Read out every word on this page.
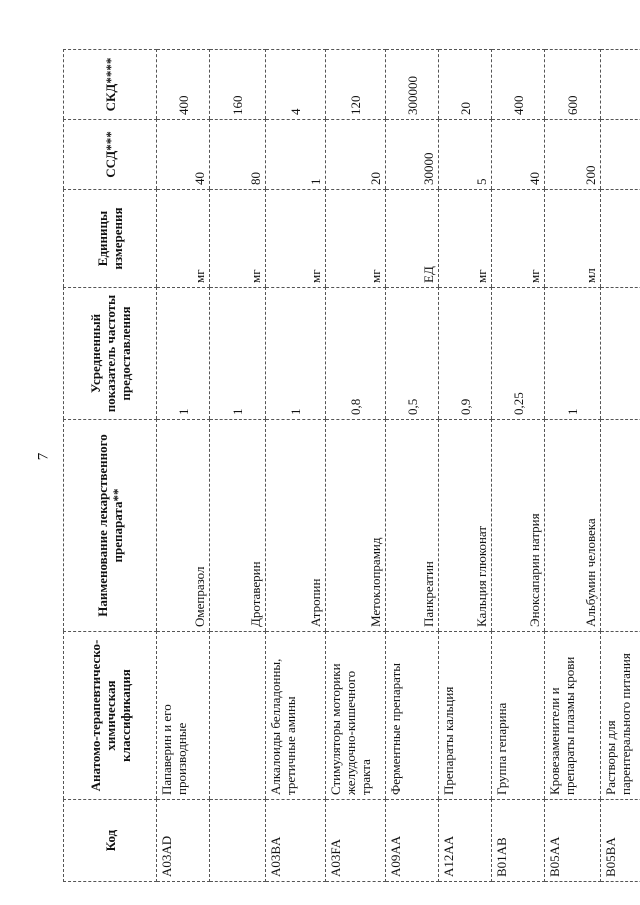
7
Код	Анатомо-терапевтическо-химическая классификация	Наименование лекарственного препарата**	Усредненный показатель частоты предоставления	Единицы измерения	ССД***	СКД****
A03AD	Папаверин и его производные	Омепразол	1	мг	40	400
		Дротаверин	1	мг	80	160
A03BA	Алкалоиды белладонны, третичные амины	Атропин	1	мг	1	4
A03FA	Стимуляторы моторики желудочно-кишечного тракта	Метоклопрамид	0,8	мг	20	120
A09AA	Ферментные препараты	Панкреатин	0,5	ЕД	30000	300000
A12AA	Препараты кальция	Кальция глюконат	0,9	мг	5	20
B01AB	Группа гепарина	Эноксапарин натрия	0,25	мг	40	400
B05AA	Кровезаменители и препараты плазмы крови	Альбумин человека	1	мл	200	600
B05BA	Растворы для парентерального питания					
